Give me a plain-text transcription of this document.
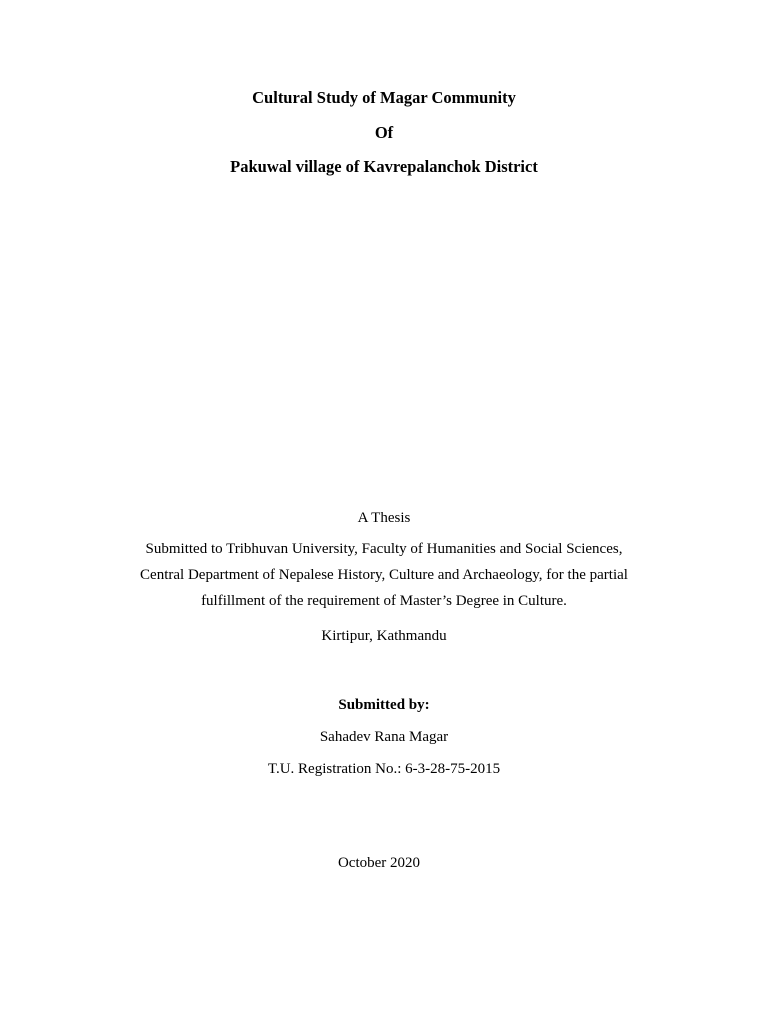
Cultural Study of Magar Community
Of
Pakuwal village of Kavrepalanchok District
A Thesis
Submitted to Tribhuvan University, Faculty of Humanities and Social Sciences,
Central Department of Nepalese History, Culture and Archaeology, for the partial
fulfillment of the requirement of Master’s Degree in Culture.
Kirtipur, Kathmandu
Submitted by:
Sahadev Rana Magar
T.U. Registration No.: 6-3-28-75-2015
October 2020
